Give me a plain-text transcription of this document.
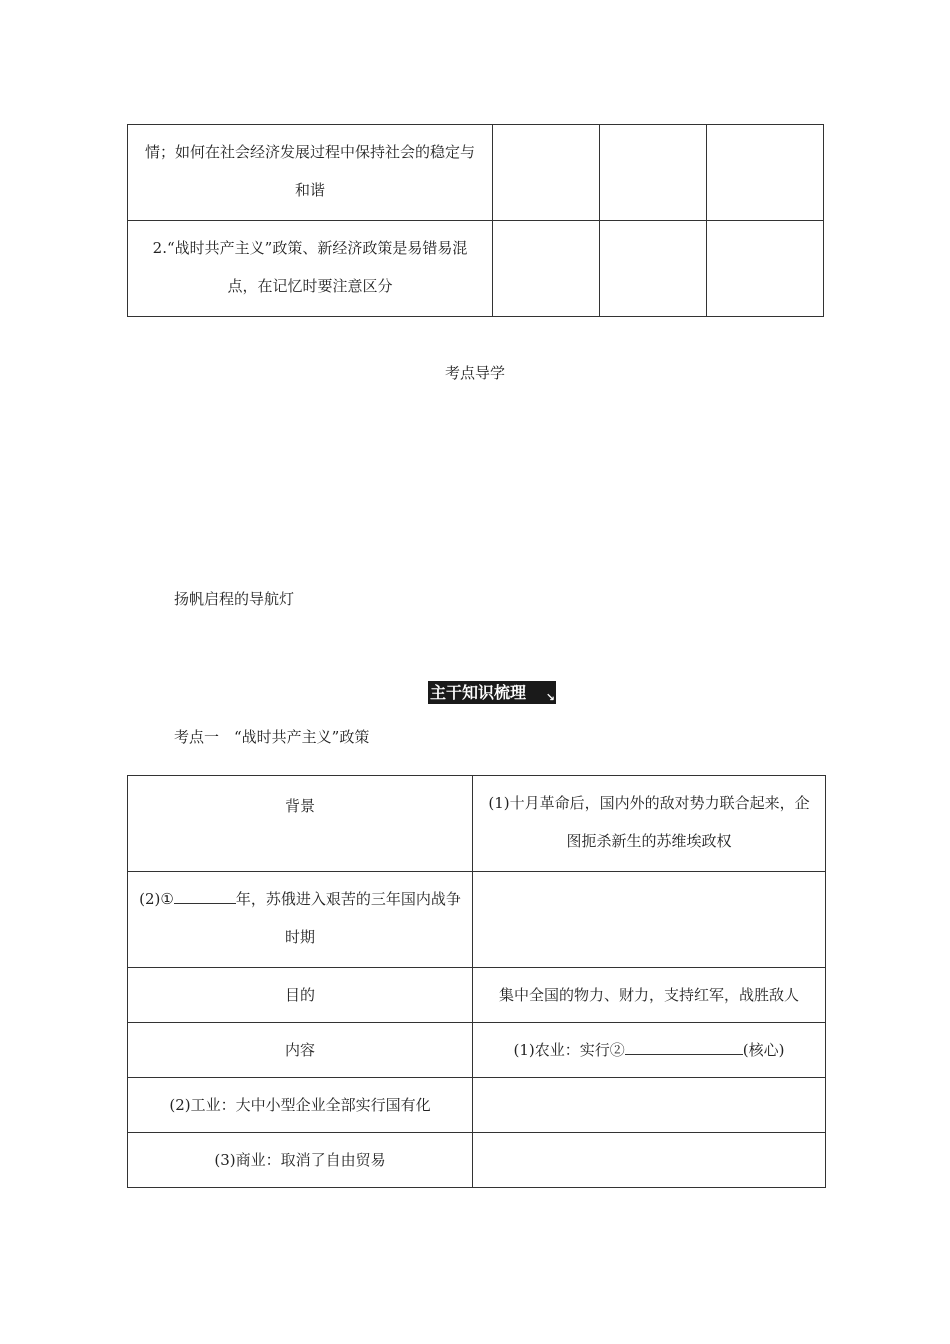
情；如何在社会经济发展过程中保持社会的稳定与和谐			
2.“战时共产主义”政策、新经济政策是易错易混点，在记忆时要注意区分			
考点导学
扬帆启程的导航灯
主干知识梳理 ↘
考点一　“战时共产主义”政策
背景	(1)十月革命后，国内外的敌对势力联合起来，企图扼杀新生的苏维埃政权
(2)① 年，苏俄进入艰苦的三年国内战争时期	
目的	集中全国的物力、财力，支持红军，战胜敌人
内容	(1)农业：实行② (核心)
(2)工业：大中小型企业全部实行国有化	
(3)商业：取消了自由贸易	
